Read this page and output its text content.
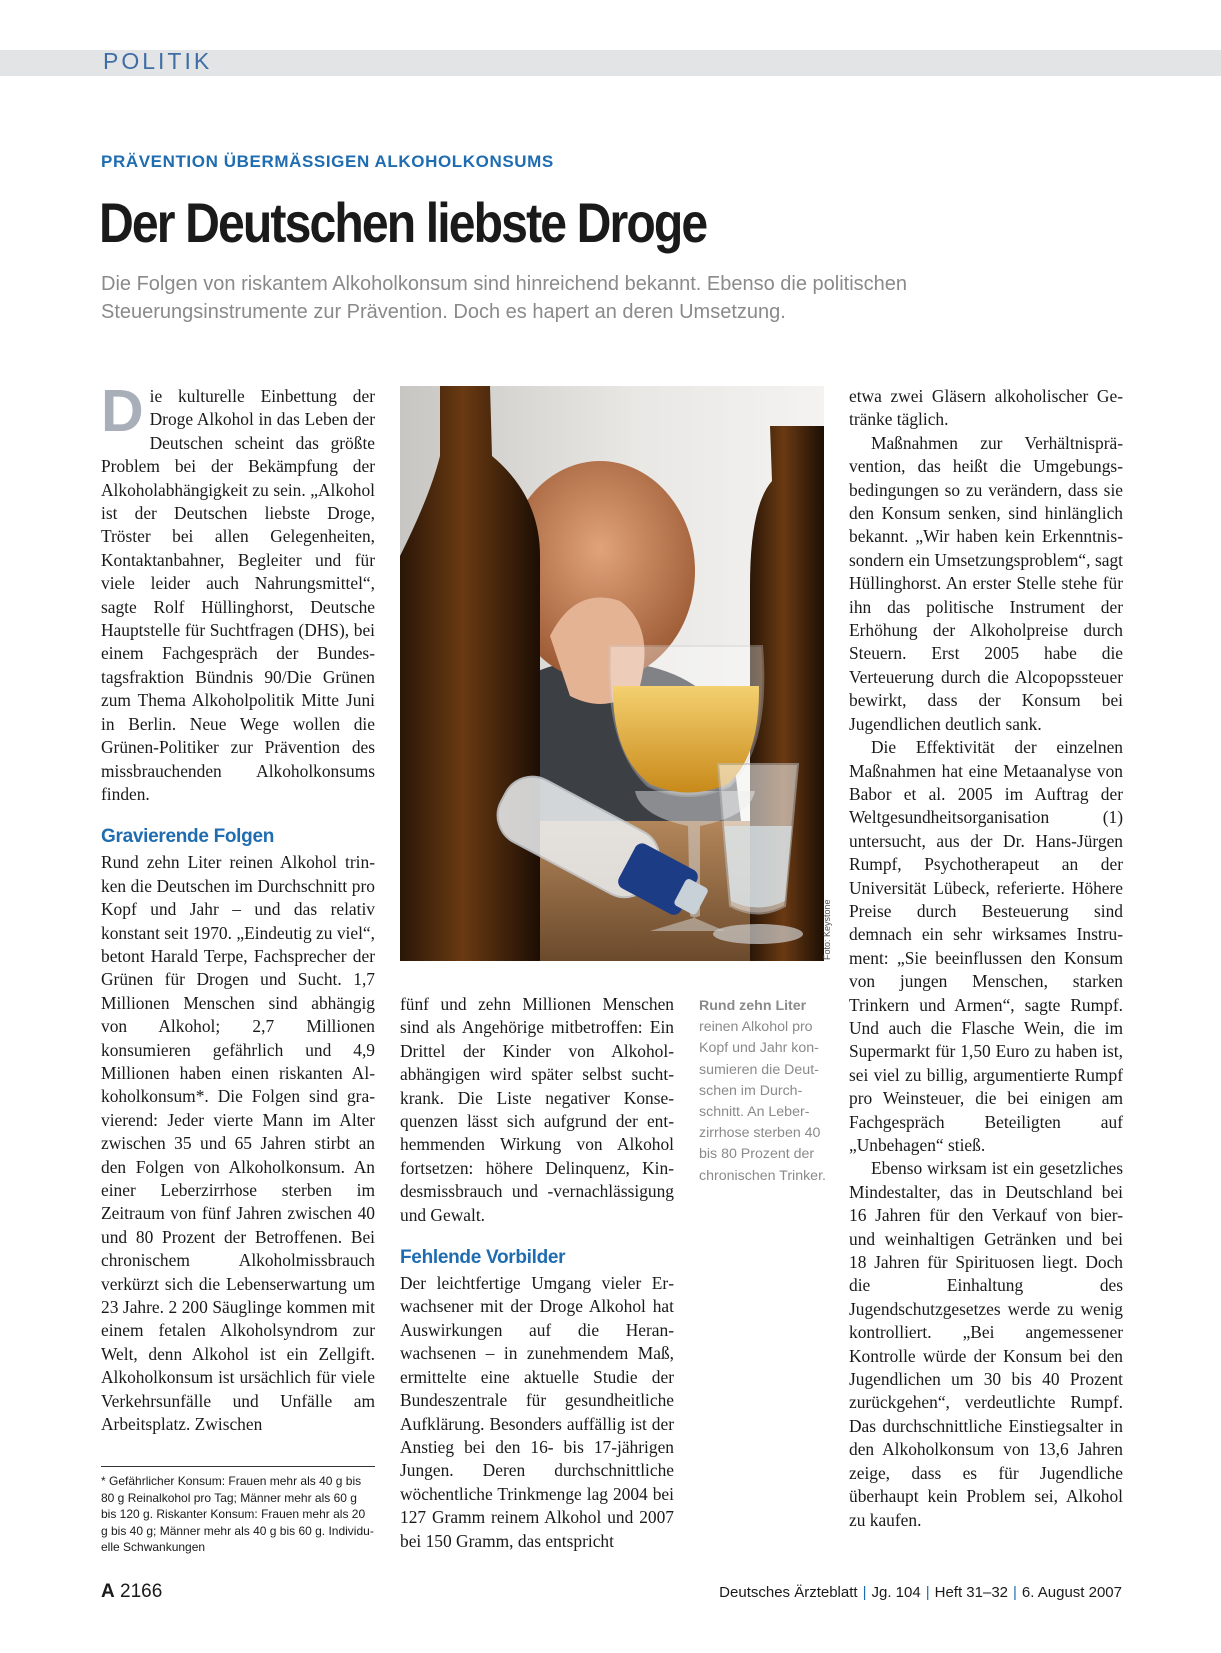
POLITIK
PRÄVENTION ÜBERMÄSSIGEN ALKOHOLKONSUMS
Der Deutschen liebste Droge
Die Folgen von riskantem Alkoholkonsum sind hinreichend bekannt. Ebenso die politischen Steuerungsinstrumente zur Prävention. Doch es hapert an deren Umsetzung.

Die kulturelle Einbettung der Droge Alkohol in das Leben der Deutschen scheint das größte Problem bei der Bekämpfung der Alkoholabhängigkeit zu sein. „Alkohol ist der Deutschen liebste Droge, Tröster bei allen Gelegenheiten, Kontaktanbahner, Begleiter und für viele leider auch Nahrungsmittel“, sagte Rolf Hüllinghorst, Deutsche Hauptstelle für Suchtfragen (DHS), bei einem Fachgespräch der Bundestagsfraktion Bündnis 90/Die Grünen zum Thema Alkoholpolitik Mitte Juni in Berlin. Neue Wege wollen die Grünen-Politiker zur Prävention des missbrauchenden Alkoholkonsums finden.

Gravierende Folgen

Rund zehn Liter reinen Alkohol trinken die Deutschen im Durchschnitt pro Kopf und Jahr – und das relativ konstant seit 1970. „Eindeutig zu viel“, betont Harald Terpe, Fachsprecher der Grünen für Drogen und Sucht. 1,7 Millionen Menschen sind abhängig von Alkohol; 2,7 Millionen konsumieren gefährlich und 4,9 Millionen haben einen riskanten Alkoholkonsum*. Die Folgen sind gravierend: Jeder vierte Mann im Alter zwischen 35 und 65 Jahren stirbt an den Folgen von Alkoholkonsum. An einer Leberzirrhose sterben im Zeitraum von fünf Jahren zwischen 40 und 80 Prozent der Betroffenen. Bei chronischem Alkoholmissbrauch verkürzt sich die Lebenserwartung um 23 Jahre. 2 200 Säuglinge kommen mit einem fetalen Alkoholsyndrom zur Welt, denn Alkohol ist ein Zellgift. Alkoholkonsum ist ursächlich für viele Verkehrsunfälle und Unfälle am Arbeitsplatz. Zwischen

* Gefährlicher Konsum: Frauen mehr als 40 g bis 80 g Reinalkohol pro Tag; Männer mehr als 60 g bis 120 g. Riskanter Konsum: Frauen mehr als 20 g bis 40 g; Männer mehr als 40 g bis 60 g. Individuelle Schwankungen
Foto: Keystone
Rund zehn Liter
reinen Alkohol pro Kopf und Jahr konsumieren die Deutschen im Durchschnitt. An Leberzirrhose sterben 40 bis 80 Prozent der chronischen Trinker.

fünf und zehn Millionen Menschen sind als Angehörige mitbetroffen: Ein Drittel der Kinder von Alkoholabhängigen wird später selbst suchtkrank. Die Liste negativer Konsequenzen lässt sich aufgrund der enthemmenden Wirkung von Alkohol fortsetzen: höhere Delinquenz, Kindesmissbrauch und -vernachlässigung und Gewalt.

Fehlende Vorbilder

Der leichtfertige Umgang vieler Erwachsener mit der Droge Alkohol hat Auswirkungen auf die Heranwachsenen – in zunehmendem Maß, ermittelte eine aktuelle Studie der Bundeszentrale für gesundheitliche Aufklärung. Besonders auffällig ist der Anstieg bei den 16- bis 17-jährigen Jungen. Deren durchschnittliche wöchentliche Trinkmenge lag 2004 bei 127 Gramm reinem Alkohol und 2007 bei 150 Gramm, das entspricht

etwa zwei Gläsern alkoholischer Getränke täglich.

Maßnahmen zur Verhältnisprävention, das heißt die Umgebungsbedingungen so zu verändern, dass sie den Konsum senken, sind hinlänglich bekannt. „Wir haben kein Erkenntnis- sondern ein Umsetzungsproblem“, sagt Hüllinghorst. An erster Stelle stehe für ihn das politische Instrument der Erhöhung der Alkoholpreise durch Steuern. Erst 2005 habe die Verteuerung durch die Alcopopssteuer bewirkt, dass der Konsum bei Jugendlichen deutlich sank.

Die Effektivität der einzelnen Maßnahmen hat eine Metaanalyse von Babor et al. 2005 im Auftrag der Weltgesundheitsorganisation (1) untersucht, aus der Dr. Hans-Jürgen Rumpf, Psychotherapeut an der Universität Lübeck, referierte. Höhere Preise durch Besteuerung sind demnach ein sehr wirksames Instrument: „Sie beeinflussen den Konsum von jungen Menschen, starken Trinkern und Armen“, sagte Rumpf. Und auch die Flasche Wein, die im Supermarkt für 1,50 Euro zu haben ist, sei viel zu billig, argumentierte Rumpf pro Weinsteuer, die bei einigen am Fachgespräch Beteiligten auf „Unbehagen“ stieß.

Ebenso wirksam ist ein gesetzliches Mindestalter, das in Deutschland bei 16 Jahren für den Verkauf von bier- und weinhaltigen Getränken und bei 18 Jahren für Spirituosen liegt. Doch die Einhaltung des Jugendschutzgesetzes werde zu wenig kontrolliert. „Bei angemessener Kontrolle würde der Konsum bei den Jugendlichen um 30 bis 40 Prozent zurückgehen“, verdeutlichte Rumpf. Das durchschnittliche Einstiegsalter in den Alkoholkonsum von 13,6 Jahren zeige, dass es für Jugendliche überhaupt kein Problem sei, Alkohol zu kaufen.

A 2166	Deutsches Ärzteblatt | Jg. 104 | Heft 31–32 | 6. August 2007
